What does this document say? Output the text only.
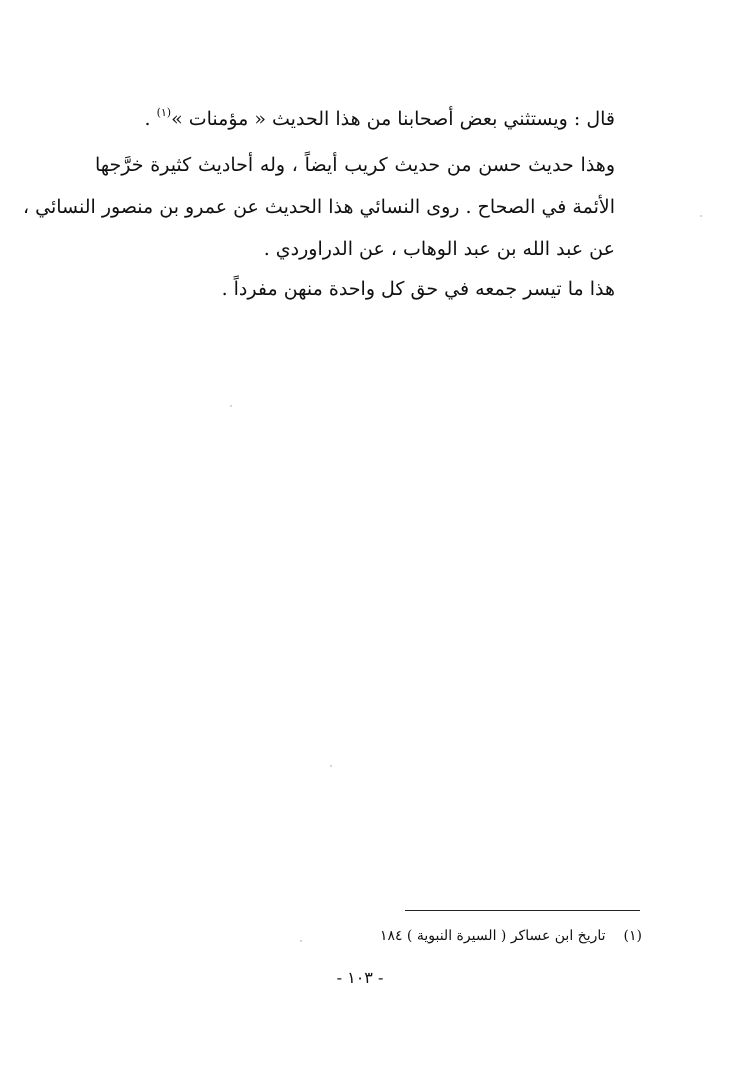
قال : ويستثني بعض أصحابنا من هذا الحديث « مؤمنات »$^{(١)}$ .
وهذا حديث حسن من حديث كريب أيضاً ، وله أحاديث كثيرة خرَّجها
الأئمة في الصحاح . روى النسائي هذا الحديث عن عمرو بن منصور النسائي ،
عن عبد الله بن عبد الوهاب ، عن الدراوردي .
هذا ما تيسر جمعه في حق كل واحدة منهن مفرداً .
(١)تاريخ ابن عساكر ( السيرة النبوية ) ١٨٤
- ١٠٣ -
